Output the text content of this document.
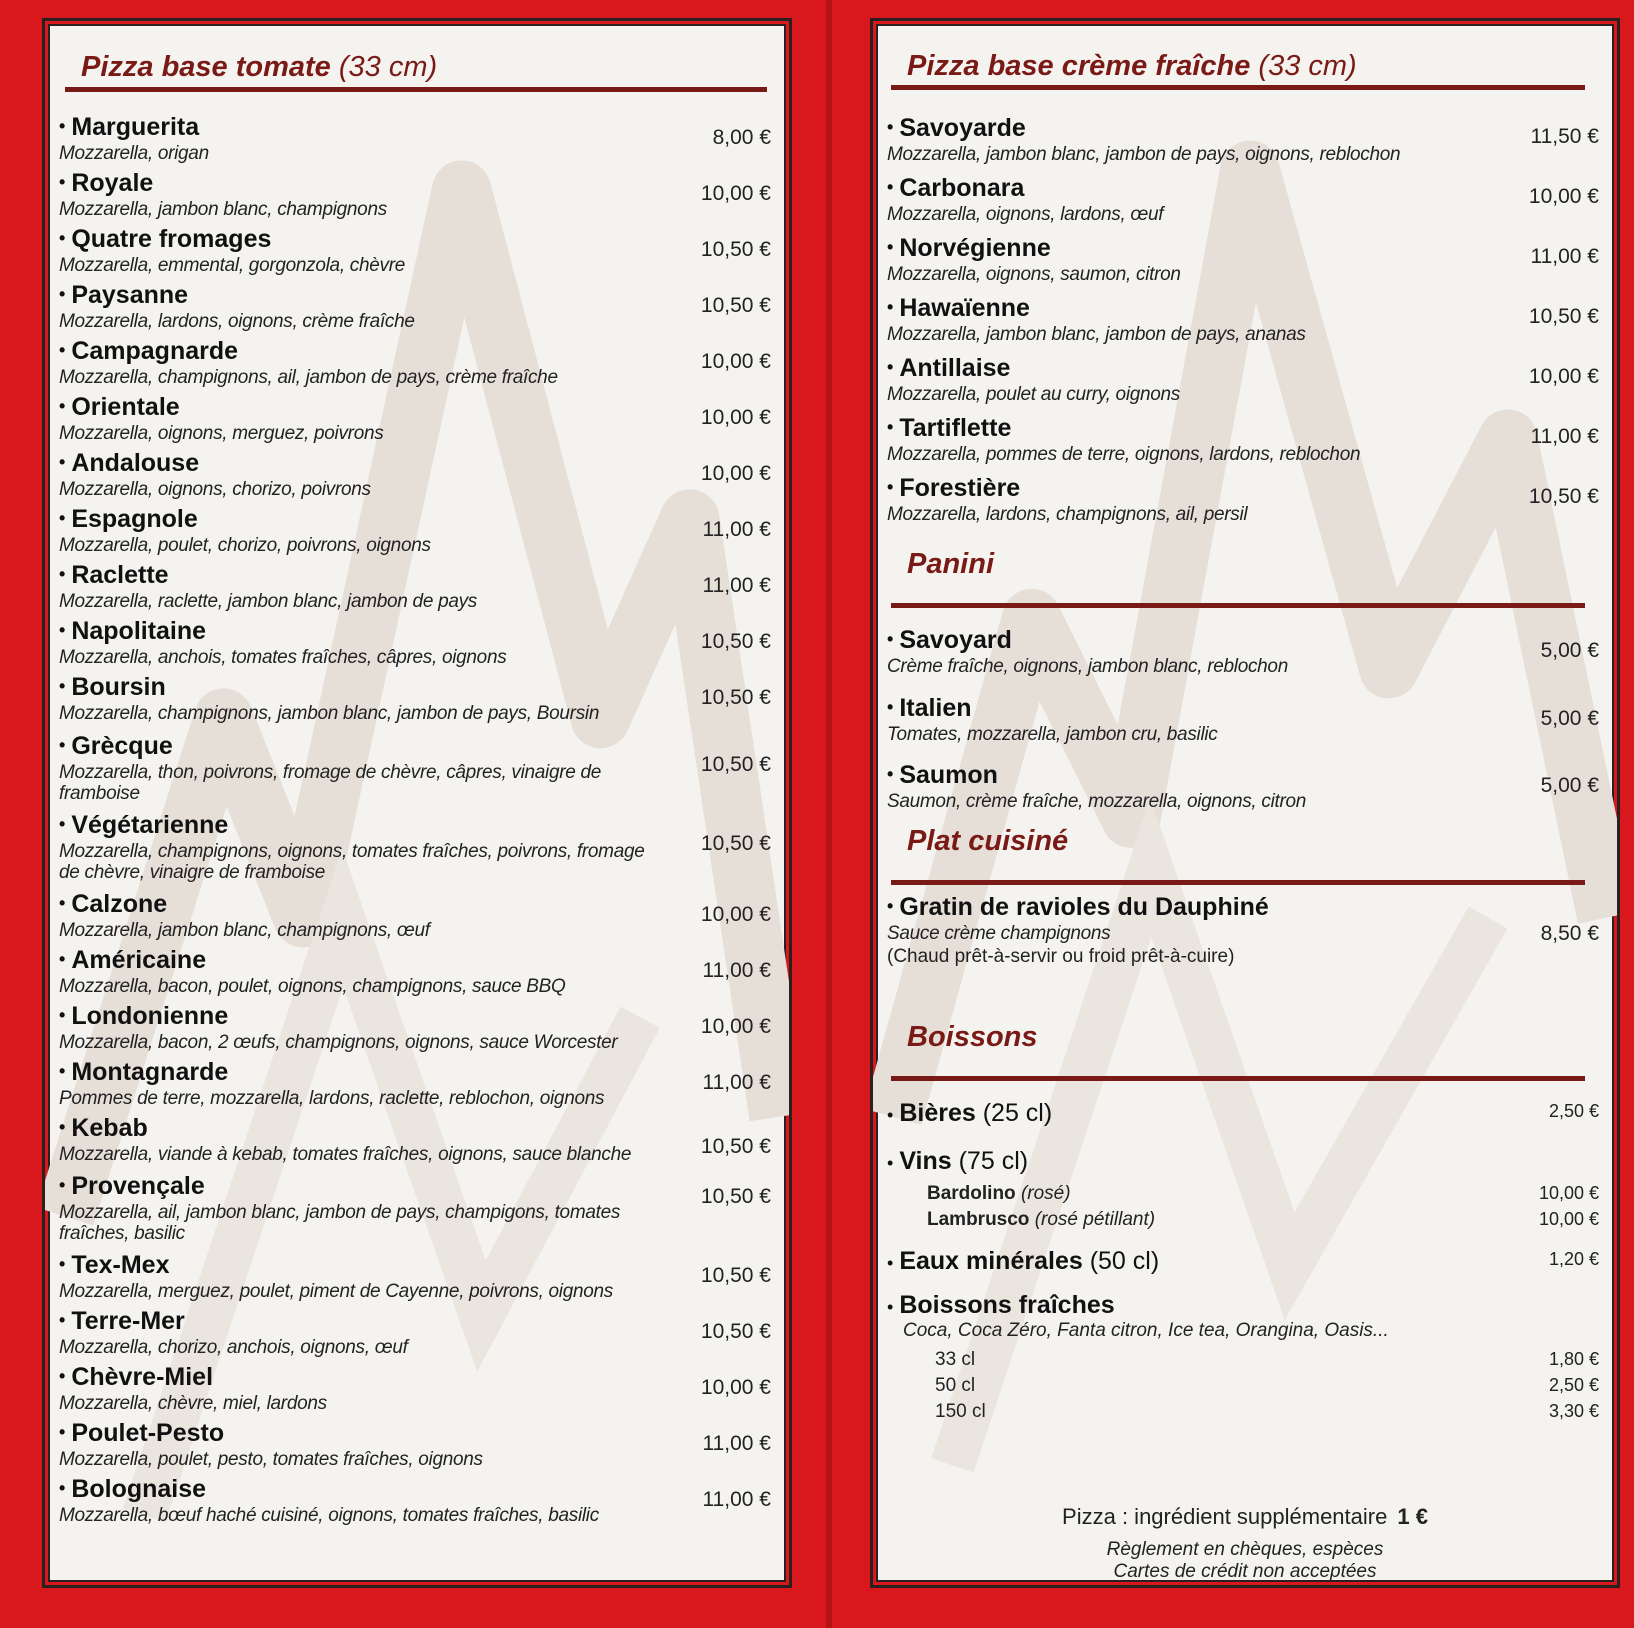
Pizza base tomate (33 cm)
• Marguerita
Mozzarella, origan
8,00 €
• Royale
Mozzarella, jambon blanc, champignons
10,00 €
• Quatre fromages
Mozzarella, emmental, gorgonzola, chèvre
10,50 €
• Paysanne
Mozzarella, lardons, oignons, crème fraîche
10,50 €
• Campagnarde
Mozzarella, champignons, ail, jambon de pays, crème fraîche
10,00 €
• Orientale
Mozzarella, oignons, merguez, poivrons
10,00 €
• Andalouse
Mozzarella, oignons, chorizo, poivrons
10,00 €
• Espagnole
Mozzarella, poulet, chorizo, poivrons, oignons
11,00 €
• Raclette
Mozzarella, raclette, jambon blanc, jambon de pays
11,00 €
• Napolitaine
Mozzarella, anchois, tomates fraîches, câpres, oignons
10,50 €
• Boursin
Mozzarella, champignons, jambon blanc, jambon de pays, Boursin
10,50 €
• Grècque
Mozzarella, thon, poivrons, fromage de chèvre, câpres, vinaigre de framboise
10,50 €
• Végétarienne
Mozzarella, champignons, oignons, tomates fraîches, poivrons, fromage de chèvre, vinaigre de framboise
10,50 €
• Calzone
Mozzarella, jambon blanc, champignons, œuf
10,00 €
• Américaine
Mozzarella, bacon, poulet, oignons, champignons, sauce BBQ
11,00 €
• Londonienne
Mozzarella, bacon, 2 œufs, champignons, oignons, sauce Worcester
10,00 €
• Montagnarde
Pommes de terre, mozzarella, lardons, raclette, reblochon, oignons
11,00 €
• Kebab
Mozzarella, viande à kebab, tomates fraîches, oignons, sauce blanche	10,50 €
• Provençale
Mozzarella, ail, jambon blanc, jambon de pays, champigons, tomates fraîches, basilic
10,50 €
• Tex-Mex
Mozzarella, merguez, poulet, piment de Cayenne, poivrons, oignons
10,50 €
• Terre-Mer
Mozzarella, chorizo, anchois, oignons, œuf
10,50 €
• Chèvre-Miel
Mozzarella, chèvre, miel, lardons
10,00 €
• Poulet-Pesto
Mozzarella, poulet, pesto, tomates fraîches, oignons
11,00 €
• Bolognaise
Mozzarella, bœuf haché cuisiné, oignons, tomates fraîches, basilic
11,00 €
Pizza base crème fraîche (33 cm)
• Savoyarde
Mozzarella, jambon blanc, jambon de pays, oignons, reblochon
11,50 €
• Carbonara
Mozzarella, oignons, lardons, œuf
10,00 €
• Norvégienne
Mozzarella, oignons, saumon, citron
11,00 €
• Hawaïenne
Mozzarella, jambon blanc, jambon de pays, ananas
10,50 €
• Antillaise
Mozzarella, poulet au curry, oignons
10,00 €
• Tartiflette
Mozzarella, pommes de terre, oignons, lardons, reblochon
11,00 €
• Forestière
Mozzarella, lardons, champignons, ail, persil
10,50 €
Panini
• Savoyard
Crème fraîche, oignons, jambon blanc, reblochon
5,00 €
• Italien
Tomates, mozzarella, jambon cru, basilic
5,00 €
• Saumon
Saumon, crème fraîche, mozzarella, oignons, citron
5,00 €
Plat cuisiné
• Gratin de ravioles du Dauphiné
Sauce crème champignons
(Chaud prêt-à-servir ou froid prêt-à-cuire)
8,50 €
Boissons
• Bières (25 cl)	2,50 €
• Vins (75 cl)
Bardolino (rosé)	10,00 €
Lambrusco (rosé pétillant)	10,00 €
• Eaux minérales (50 cl)	1,20 €
• Boissons fraîches
Coca, Coca Zéro, Fanta citron, Ice tea, Orangina, Oasis...
33 cl	1,80 €
50 cl	2,50 €
150 cl	3,30 €
Pizza : ingrédient supplémentaire 1 €
Règlement en chèques, espèces
Cartes de crédit non acceptées
